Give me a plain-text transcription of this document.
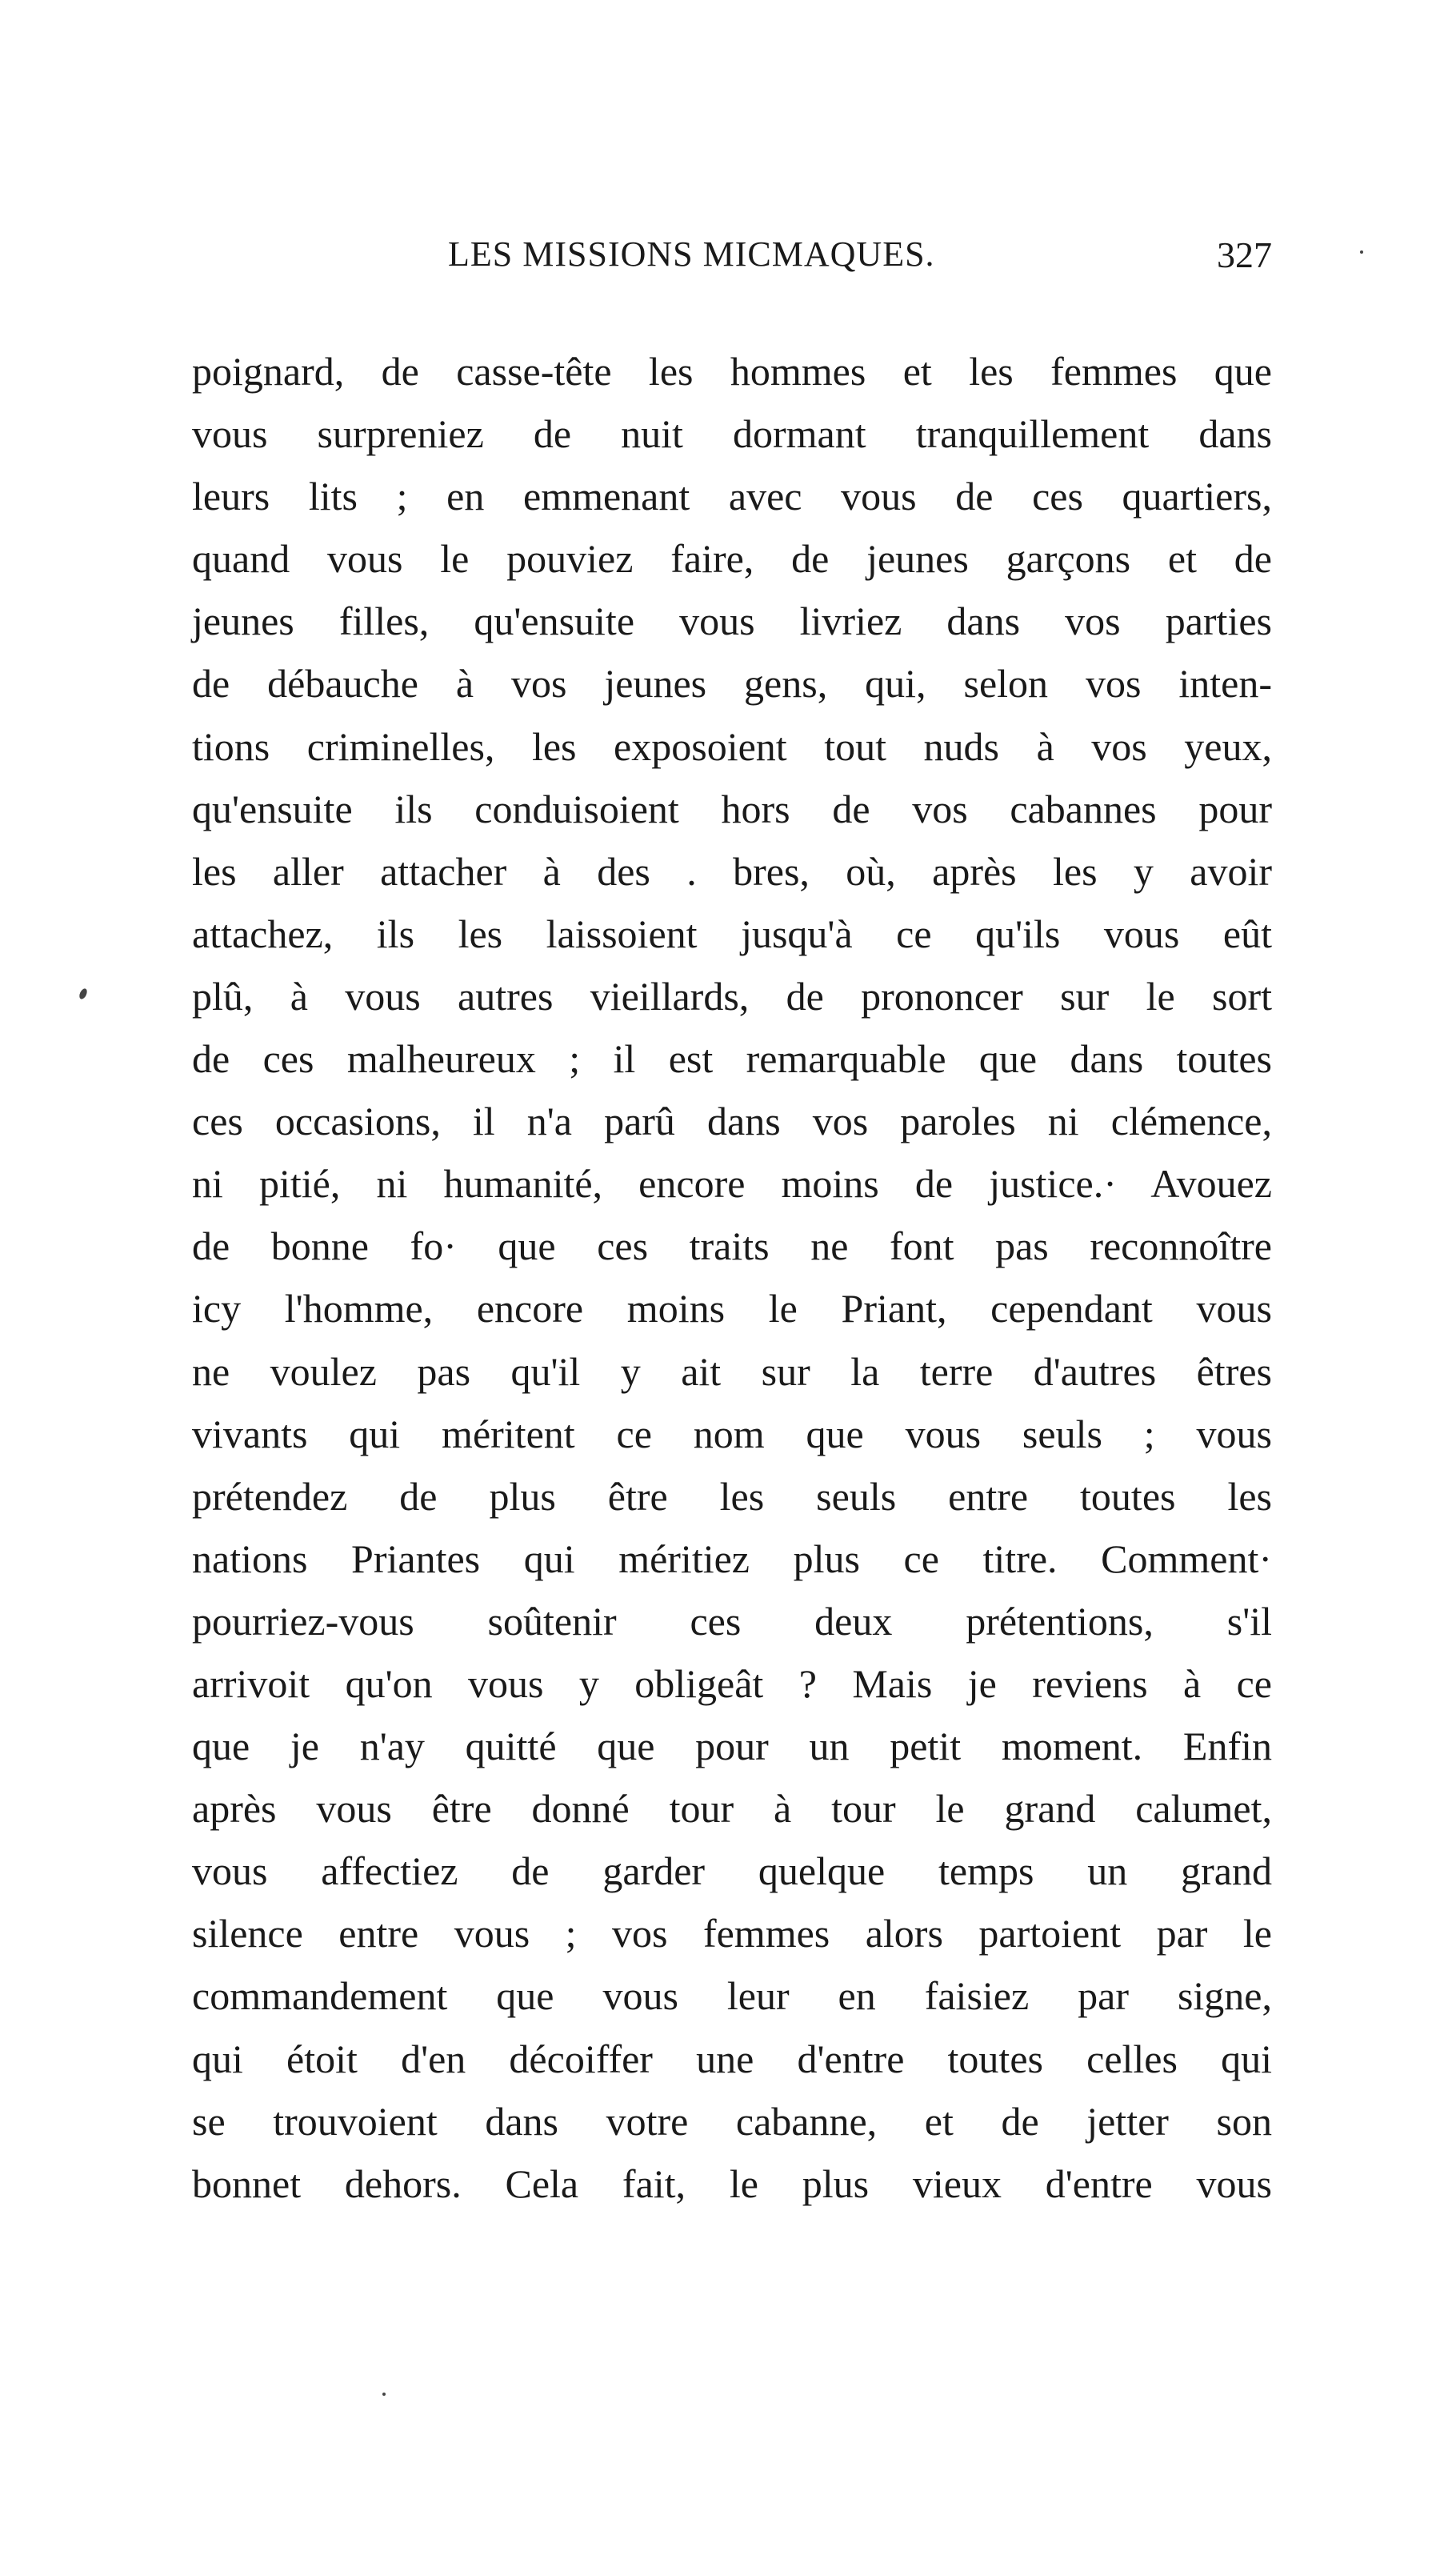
LES MISSIONS MICMAQUES.	327
poignard, de casse-tête les hommes et les femmes que
vous surpreniez de nuit dormant tranquillement dans
leurs lits ; en emmenant avec vous de ces quartiers,
quand vous le pouviez faire, de jeunes garçons et de
jeunes filles, qu'ensuite vous livriez dans vos parties
de débauche à vos jeunes gens, qui, selon vos inten-
tions criminelles, les exposoient tout nuds à vos yeux,
qu'ensuite ils conduisoient hors de vos cabannes pour
les aller attacher à des . bres, où, après les y avoir
attachez, ils les laissoient jusqu'à ce qu'ils vous eût
plû, à vous autres vieillards, de prononcer sur le sort
de ces malheureux ; il est remarquable que dans toutes
ces occasions, il n'a parû dans vos paroles ni clémence,
ni pitié, ni humanité, encore moins de justice.· Avouez
de bonne fo· que ces traits ne font pas reconnoître
icy l'homme, encore moins le Priant, cependant vous
ne voulez pas qu'il y ait sur la terre d'autres êtres
vivants qui méritent ce nom que vous seuls ; vous
prétendez de plus être les seuls entre toutes les
nations Priantes qui méritiez plus ce titre. Comment·
pourriez-vous soûtenir ces deux prétentions, s'il
arrivoit qu'on vous y obligeât ? Mais je reviens à ce
que je n'ay quitté que pour un petit moment. Enfin
après vous être donné tour à tour le grand calumet,
vous affectiez de garder quelque temps un grand
silence entre vous ; vos femmes alors partoient par le
commandement que vous leur en faisiez par signe,
qui étoit d'en décoiffer une d'entre toutes celles qui
se trouvoient dans votre cabanne, et de jetter son
bonnet dehors. Cela fait, le plus vieux d'entre vous
